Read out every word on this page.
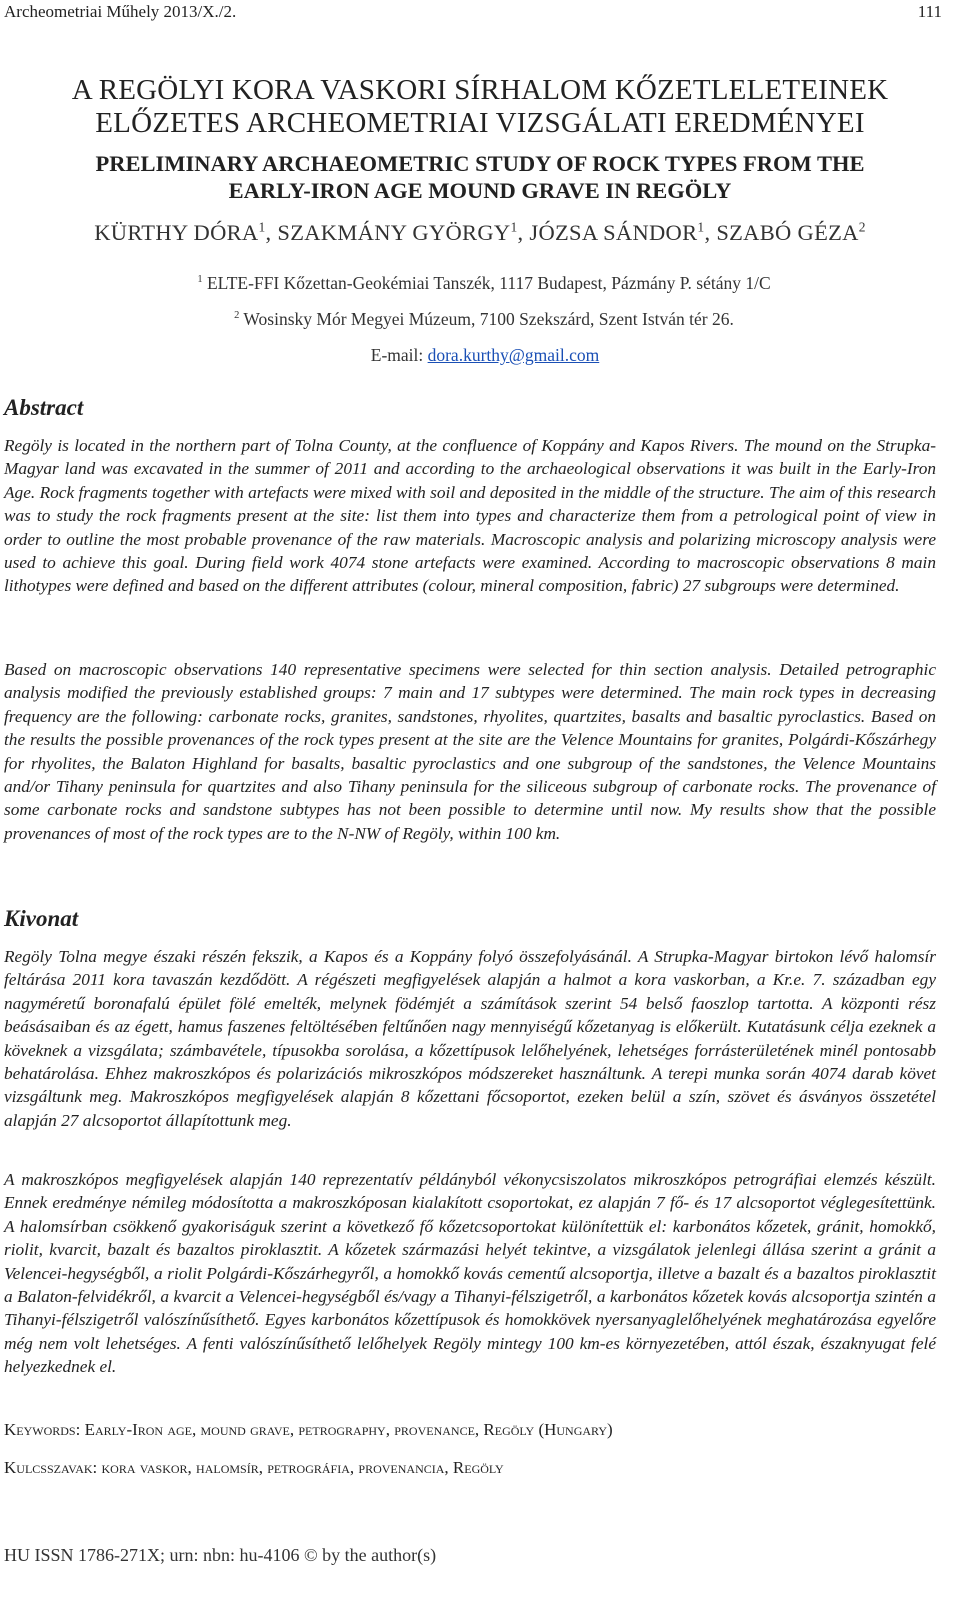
Archeometriai Műhely 2013/X./2.	111
A REGÖLYI KORA VASKORI SÍRHALOM KŐZETLELETEINEK
ELŐZETES ARCHEOMETRIAI VIZSGÁLATI EREDMÉNYEI
PRELIMINARY ARCHAEOMETRIC STUDY OF ROCK TYPES FROM THE
EARLY-IRON AGE MOUND GRAVE IN REGÖLY
KÜRTHY DÓRA$^1$, SZAKMÁNY GYÖRGY$^1$, JÓZSA SÁNDOR$^1$, SZABÓ GÉZA$^2$
$^1$ ELTE-FFI Kőzettan-Geokémiai Tanszék, 1117 Budapest, Pázmány P. sétány 1/C
$^2$ Wosinsky Mór Megyei Múzeum, 7100 Szekszárd, Szent István tér 26.
E-mail: dora.kurthy@gmail.com
Abstract

Regöly is located in the northern part of Tolna County, at the confluence of Koppány and Kapos Rivers. The mound on the Strupka-Magyar land was excavated in the summer of 2011 and according to the archaeological observations it was built in the Early-Iron Age. Rock fragments together with artefacts were mixed with soil and deposited in the middle of the structure. The aim of this research was to study the rock fragments present at the site: list them into types and characterize them from a petrological point of view in order to outline the most probable provenance of the raw materials. Macroscopic analysis and polarizing microscopy analysis were used to achieve this goal. During field work 4074 stone artefacts were examined. According to macroscopic observations 8 main lithotypes were defined and based on the different attributes (colour, mineral composition, fabric) 27 subgroups were determined.

Based on macroscopic observations 140 representative specimens were selected for thin section analysis. Detailed petrographic analysis modified the previously established groups: 7 main and 17 subtypes were determined. The main rock types in decreasing frequency are the following: carbonate rocks, granites, sandstones, rhyolites, quartzites, basalts and basaltic pyroclastics. Based on the results the possible provenances of the rock types present at the site are the Velence Mountains for granites, Polgárdi-Kőszárhegy for rhyolites, the Balaton Highland for basalts, basaltic pyroclastics and one subgroup of the sandstones, the Velence Mountains and/or Tihany peninsula for quartzites and also Tihany peninsula for the siliceous subgroup of carbonate rocks. The provenance of some carbonate rocks and sandstone subtypes has not been possible to determine until now. My results show that the possible provenances of most of the rock types are to the N-NW of Regöly, within 100 km.

Kivonat

Regöly Tolna megye északi részén fekszik, a Kapos és a Koppány folyó összefolyásánál. A Strupka-Magyar birtokon lévő halomsír feltárása 2011 kora tavaszán kezdődött. A régészeti megfigyelések alapján a halmot a kora vaskorban, a Kr.e. 7. században egy nagyméretű boronafalú épület fölé emelték, melynek födémjét a számítások szerint 54 belső faoszlop tartotta. A központi rész beásásaiban és az égett, hamus faszenes feltöltésében feltűnően nagy mennyiségű kőzetanyag is előkerült. Kutatásunk célja ezeknek a köveknek a vizsgálata; számbavétele, típusokba sorolása, a kőzettípusok lelőhelyének, lehetséges forrásterületének minél pontosabb behatárolása. Ehhez makroszkópos és polarizációs mikroszkópos módszereket használtunk. A terepi munka során 4074 darab követ vizsgáltunk meg. Makroszkópos megfigyelések alapján 8 kőzettani főcsoportot, ezeken belül a szín, szövet és ásványos összetétel alapján 27 alcsoportot állapítottunk meg.

A makroszkópos megfigyelések alapján 140 reprezentatív példányból vékonycsiszolatos mikroszkópos petrográfiai elemzés készült. Ennek eredménye némileg módosította a makroszkóposan kialakított csoportokat, ez alapján 7 fő- és 17 alcsoportot véglegesítettünk. A halomsírban csökkenő gyakoriságuk szerint a következő fő kőzetcsoportokat különítettük el: karbonátos kőzetek, gránit, homokkő, riolit, kvarcit, bazalt és bazaltos piroklasztit. A kőzetek származási helyét tekintve, a vizsgálatok jelenlegi állása szerint a gránit a Velencei-hegységből, a riolit Polgárdi-Kőszárhegyről, a homokkő kovás cementű alcsoportja, illetve a bazalt és a bazaltos piroklasztit a Balaton-felvidékről, a kvarcit a Velencei-hegységből és/vagy a Tihanyi-félszigetről, a karbonátos kőzetek kovás alcsoportja szintén a Tihanyi-félszigetről valószínűsíthető. Egyes karbonátos kőzettípusok és homokkövek nyersanyaglelőhelyének meghatározása egyelőre még nem volt lehetséges. A fenti valószínűsíthető lelőhelyek Regöly mintegy 100 km-es környezetében, attól észak, északnyugat felé helyezkednek el.

Keywords: Early-Iron age, mound grave, petrography, provenance, Regöly (Hungary)
Kulcsszavak: kora vaskor, halomsír, petrográfia, provenancia, Regöly
HU ISSN 1786-271X; urn: nbn: hu-4106 © by the author(s)
